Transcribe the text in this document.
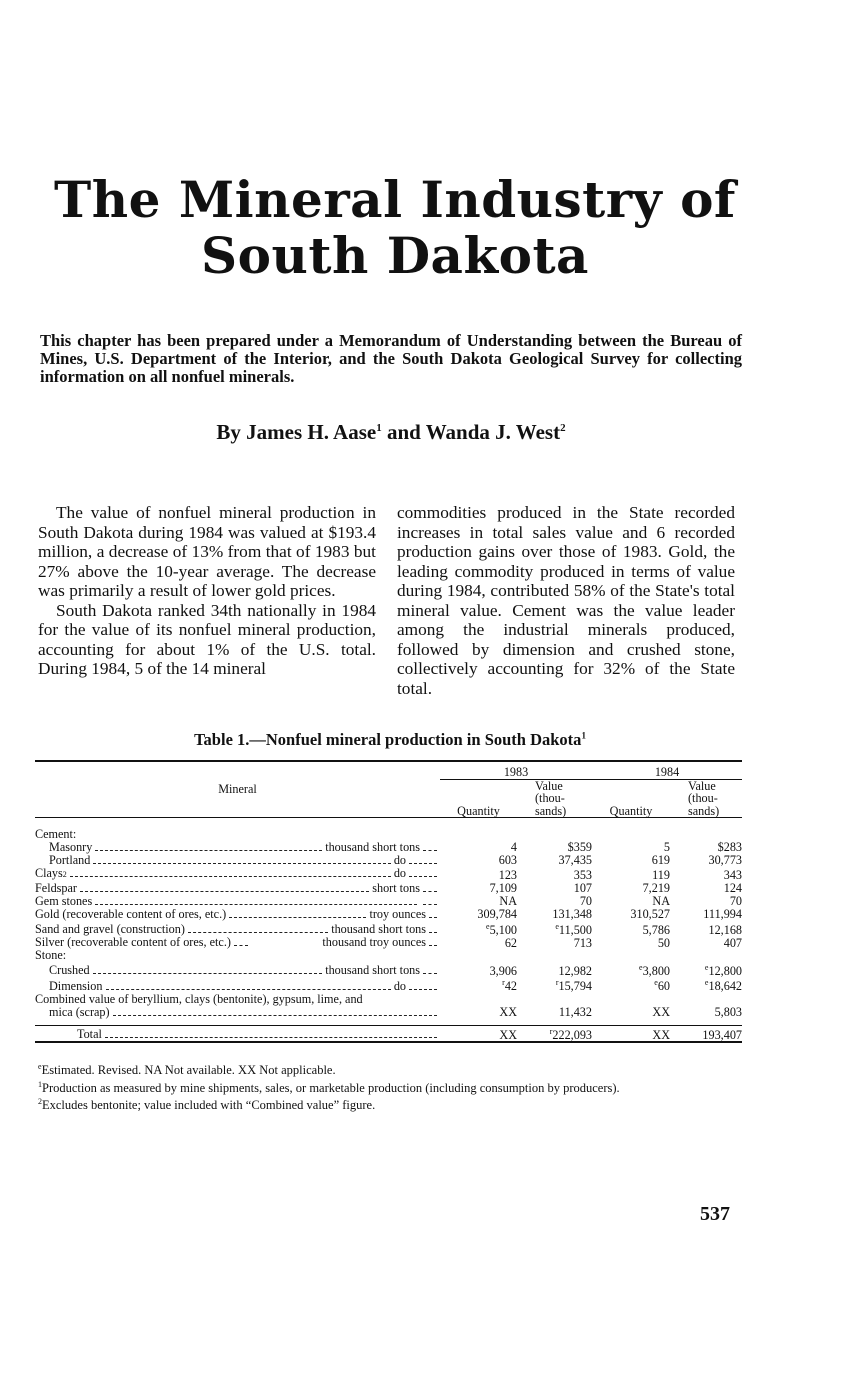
The Mineral Industry of
South Dakota
This chapter has been prepared under a Memorandum of Understanding between the Bureau of Mines, U.S. Department of the Interior, and the South Dakota Geological Survey for collecting information on all nonfuel minerals.
By James H. Aase$^1$ and Wanda J. West$^2$

The value of nonfuel mineral production in South Dakota during 1984 was valued at $193.4 million, a decrease of 13% from that of 1983 but 27% above the 10-year average. The decrease was primarily a result of lower gold prices.

South Dakota ranked 34th nationally in 1984 for the value of its nonfuel mineral production, accounting for about 1% of the U.S. total. During 1984, 5 of the 14 mineral

commodities produced in the State recorded increases in total sales value and 6 recorded production gains over those of 1983. Gold, the leading commodity produced in terms of value during 1984, contributed 58% of the State's total mineral value. Cement was the value leader among the industrial minerals produced, followed by dimension and crushed stone, collectively accounting for 32% of the State total.

Table 1.—Nonfuel mineral production in South Dakota$^1$

	1983		1984	
Mineral	Quantity	Value (thou- sands)	Quantity	Value (thou- sands)

Cement:				

Masonry thousand short tons	4	$359	5	$283

Portland do	603	37,435	619	30,773

Clays 2 do	123	353	119	343

Feldspar short tons	7,109	107	7,219	124

Gem stones	NA	70	NA	70

Gold (recoverable content of ores, etc.) troy ounces	309,784	131,348	310,527	111,994

Sand and gravel (construction) thousand short tons	$^e$5,100	$^e$11,500	5,786	12,168

Silver (recoverable content of ores, etc.) thousand troy ounces	62	713	50	407
Stone:				

Crushed thousand short tons	3,906	12,982	$^e$3,800	$^e$12,800

Dimension do	$^r$42	$^r$15,794	$^e$60	$^e$18,642
Combined value of beryllium, clays (bentonite), gypsum, lime, and				

mica (scrap)	XX	11,432	XX	5,803

Total	XX	$^r$222,093	XX	193,407
$^e$Estimated. Revised. NA Not available. XX Not applicable.
$^1$Production as measured by mine shipments, sales, or marketable production (including consumption by producers).
$^2$Excludes bentonite; value included with “Combined value” figure.
537
